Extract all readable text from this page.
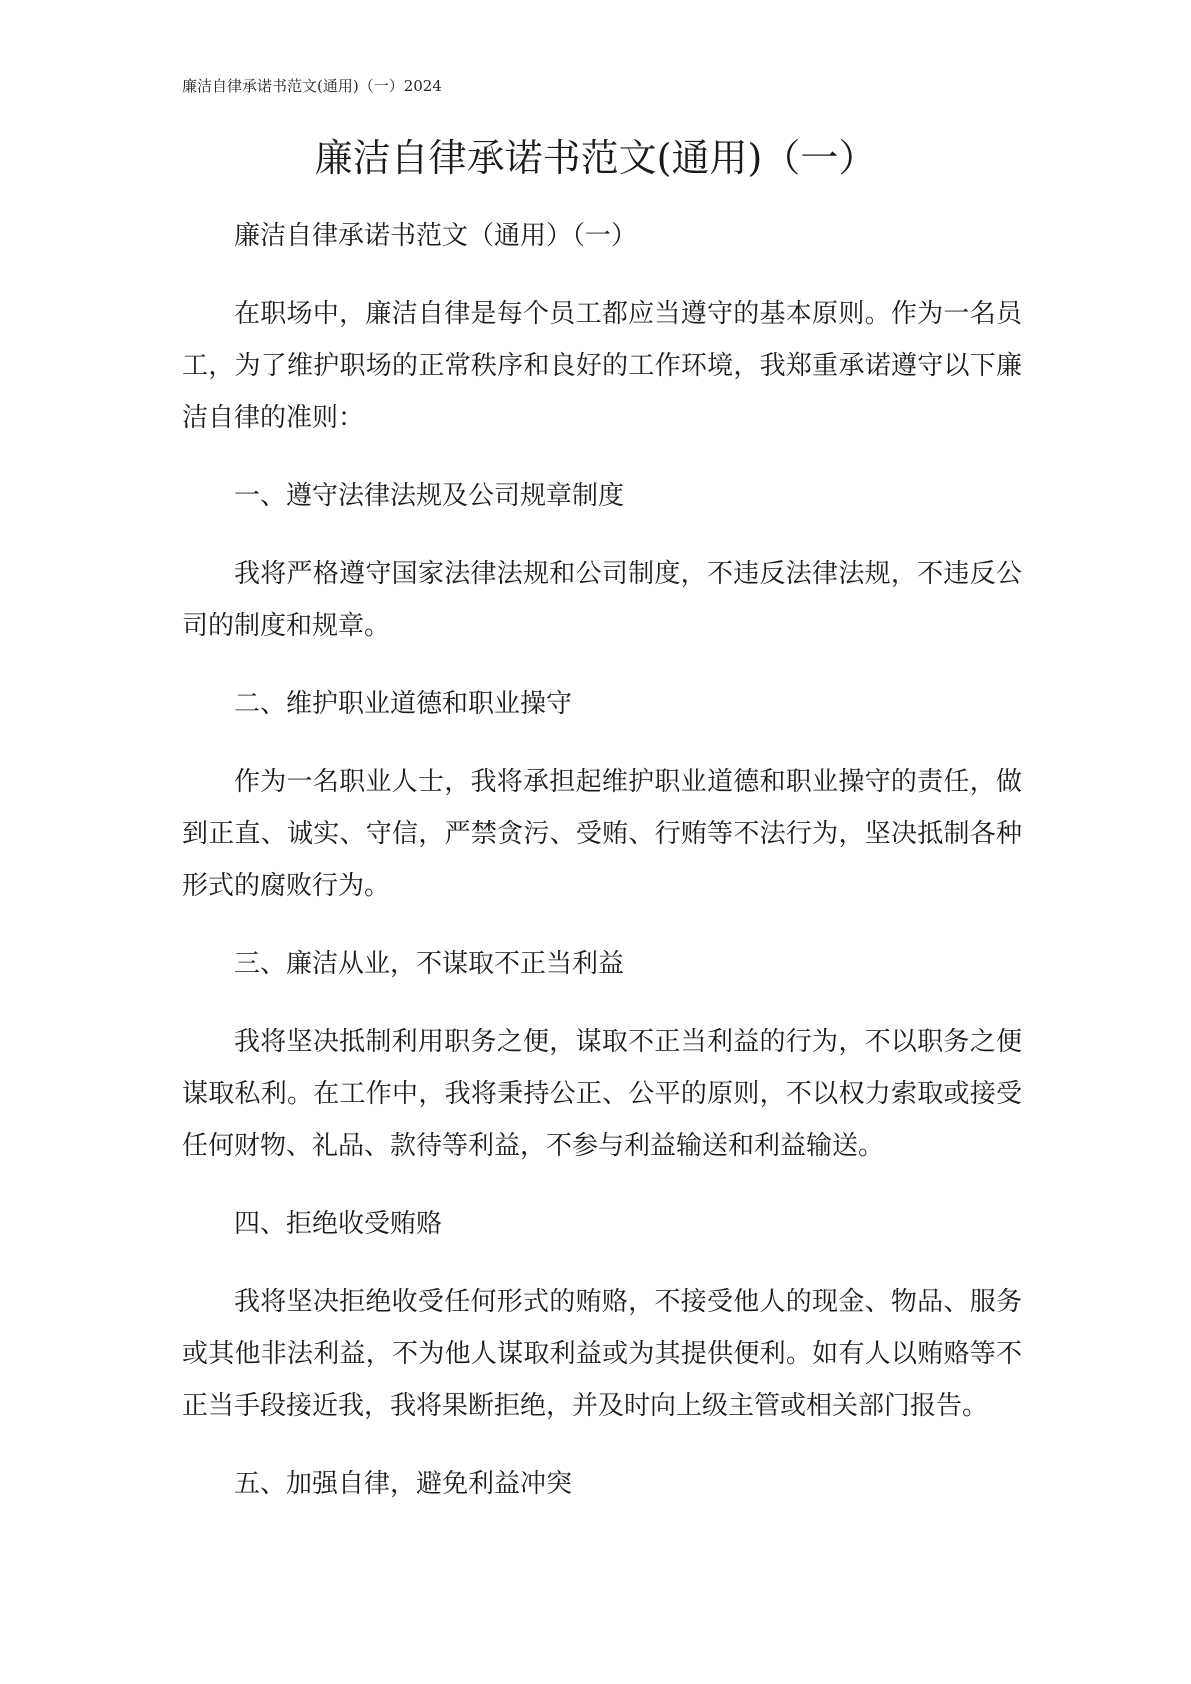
廉洁自律承诺书范文(通用)（一）2024
廉洁自律承诺书范文(通用)（一）

廉洁自律承诺书范文（通用）（一）

在职场中，廉洁自律是每个员工都应当遵守的基本原则。作为一名员工，为了维护职场的正常秩序和良好的工作环境，我郑重承诺遵守以下廉洁自律的准则：

一、遵守法律法规及公司规章制度

我将严格遵守国家法律法规和公司制度，不违反法律法规，不违反公司的制度和规章。

二、维护职业道德和职业操守

作为一名职业人士，我将承担起维护职业道德和职业操守的责任，做到正直、诚实、守信，严禁贪污、受贿、行贿等不法行为，坚决抵制各种形式的腐败行为。

三、廉洁从业，不谋取不正当利益

我将坚决抵制利用职务之便，谋取不正当利益的行为，不以职务之便谋取私利。在工作中，我将秉持公正、公平的原则，不以权力索取或接受任何财物、礼品、款待等利益，不参与利益输送和利益输送。

四、拒绝收受贿赂

我将坚决拒绝收受任何形式的贿赂，不接受他人的现金、物品、服务或其他非法利益，不为他人谋取利益或为其提供便利。如有人以贿赂等不正当手段接近我，我将果断拒绝，并及时向上级主管或相关部门报告。

五、加强自律，避免利益冲突
